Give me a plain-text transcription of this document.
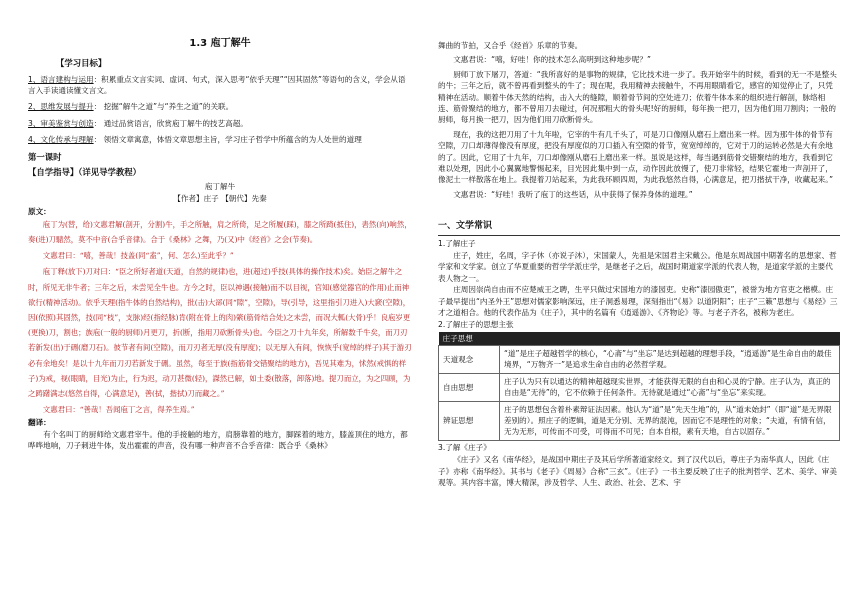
1.3 庖丁解牛
【学习目标】
1、语言建构与运用：积累重点文言实词、虚词、句式，深入思考“依乎天理”“因其固然”等语句的含义，学会从语言入手读通读懂文言文。
2、思维发展与提升： 挖掘“解牛之道”与“养生之道”的关联。
3、审美鉴赏与创造： 通过品赏语言，欣赏庖丁解牛的技艺高超。
4、文化传承与理解： 领悟文章寓意，体悟文章思想主旨，学习庄子哲学中所蕴含的为人处世的道理
第一课时
【自学指导】（详见导学教程）
庖丁解牛
【作者】庄子 【朝代】先秦
原文：

庖丁为(替，给)文惠君解(剖开，分割)牛，手之所触，肩之所倚，足之所履(踩)，膝之所踦(抵住)，砉然(向)响然，奏(进)刀騞然，莫不中音(合乎音律)。合于《桑林》之舞，乃(又)中《经首》之会(节奏)。

文惠君曰：“嘻，善哉！技盖(同“盍”，何、怎么)至此乎？”

庖丁释(放下)刀对曰：“臣之所好者道(天道，自然的规律)也，进(超过)乎技(具体的操作技术)矣。始臣之解牛之时，所见无非牛者；三年之后，未尝见全牛也。方今之时，臣以神遇(接触)而不以目视，官知(感觉器官的作用)止而神欲行(精神活动)。依乎天理(指牛体的自然结构)，批(击)大郤(同“隙”，空隙)，导(引导，这里指引刀进入)大窾(空隙)，因(依照)其固然，技(同“枝”，支脉)经(指经脉)肯(附在骨上的肉)綮(筋骨结合处)之未尝，而况大軱(大骨)乎！良庖岁更(更换)刀，割也；族庖(一般的厨师)月更刀，折(断，指用刀砍断骨头)也。今臣之刀十九年矣，所解数千牛矣，而刀刃若新发(出)于硎(磨刀石)。彼节者有间(空隙)，而刀刃者无厚(没有厚度)；以无厚入有间，恢恢乎(宽绰的样子)其于游刃必有余地矣！是以十九年而刀刃若新发于硎。虽然，每至于族(指筋骨交错聚结的地方)，吾见其难为，怵然(戒惧的样子)为戒，视(眼睛，目光)为止，行为迟，动刀甚微(轻)，謋然已解，如土委(散落，卸落)地。提刀而立，为之四顾，为之踌躇满志(悠然自得，心满意足)，善(拭，揩拭)刀而藏之。”

文惠君曰：“善哉！吾闻庖丁之言，得养生焉。”

翻译：

有个名叫丁的厨师给文惠君宰牛。他的手接触的地方，肩膀靠着的地方，脚踩着的地方，膝盖顶住的地方，都哗哗地响，刀子刺进牛体，发出霍霍的声音，没有哪一种声音不合乎音律：既合乎《桑林》

舞曲的节拍，又合乎《经首》乐章的节奏。

文惠君说：“嘻，好哇！你的技术怎么高明到这种地步呢？”

厨师丁放下屠刀，答道：“我所喜好的是事物的规律，它比技术进一步了。我开始宰牛的时候，看到的无一不是整头的牛；三年之后，就不曾再看到整头的牛了；现在呢，我用精神去接触牛，不再用眼睛看它，感官的知觉停止了，只凭精神在活动。顺着牛体天然的结构，击入大的缝隙，顺着骨节间的空处进刀；依着牛体本来的组织进行解剖，脉络相连、筋骨聚结的地方，都不曾用刀去碰过，何况那粗大的骨头呢!好的厨师，每年换一把刀，因为他们用刀割肉；一般的厨师，每月换一把刀，因为他们用刀砍断骨头。

现在，我的这把刀用了十九年啦，它宰的牛有几千头了，可是刀口像刚从磨石上磨出来一样。因为那牛体的骨节有空隙，刀口却薄得像没有厚度，把没有厚度似的刀口插入有空隙的骨节，宽宽绰绰的，它对于刀的运转必然是大有余地的了。因此，它用了十九年，刀口却像刚从磨石上磨出来一样。虽说是这样，每当遇到筋骨交错聚结的地方，我看到它难以处理，因此小心翼翼地警惕起来，目光因此集中到一点，动作因此放慢了，使刀非常轻，结果它霍地一声剖开了，像泥土一样散落在地上。我提着刀站起来，为此我环顾四周，为此我悠然自得，心满意足，把刀揩拭干净，收藏起来。”

文惠君说：“好哇！我听了庖丁的这些话，从中获得了保养身体的道理。”

一、文学常识
1.了解庄子

庄子，姓庄，名周，字子休（亦说子沐），宋国蒙人，先祖是宋国君主宋戴公。他是东周战国中期著名的思想家、哲学家和文学家。创立了华夏重要的哲学学派庄学，是继老子之后，战国时期道家学派的代表人物，是道家学派的主要代表人物之一。

庄周因崇尚自由而不应楚威王之聘，生平只做过宋国地方的漆园吏。史称“漆园傲吏”，被誉为地方官吏之楷模。庄子最早提出“内圣外王”思想对儒家影响深远，庄子洞悉易理，深刻指出“《易》以道阴阳”；庄子“三籁”思想与《易经》三才之道相合。他的代表作品为《庄子》，其中的名篇有《逍遥游》、《齐物论》等。与老子齐名，被称为老庄。

2.了解庄子的思想主张
庄子思想	
天道观念	“道”是庄子超越哲学的核心，“心斋”与“坐忘”是达到超越的理想手段，“逍遥游”是生命自由的最佳境界，“万物齐一”是追求生命自由的必然哲学观。
自由思想	庄子认为只有以通达的精神超越现实世界，才能获得无限的自由和心灵的宁静。庄子认为，真正的自由是“无待”的，它不依赖于任何条件。无待就是通过“心斋”与“坐忘”来实现。
辨证思想	庄子的思想包含着朴素辩证法因素。他认为“道”是“先天生地”的，从“道未始封”（即“道”是无界限差别的）。照庄子的逻辑，道是无分别、无界的混沌，因而它不是理性的对象；“夫道，有情有信，无为无形，可传而不可受，可得而不可见；自本自根，素有天地，自古以固存。”
3.了解《庄子》

《庄子》又名《南华经》，是战国中期庄子及其后学所著道家经文。到了汉代以后，尊庄子为南华真人，因此《庄子》亦称《南华经》。其书与《老子》《周易》合称“三玄”。《庄子》一书主要反映了庄子的批判哲学、艺术、美学、审美观等。其内容丰富，博大精深，涉及哲学、人生、政治、社会、艺术、宇
